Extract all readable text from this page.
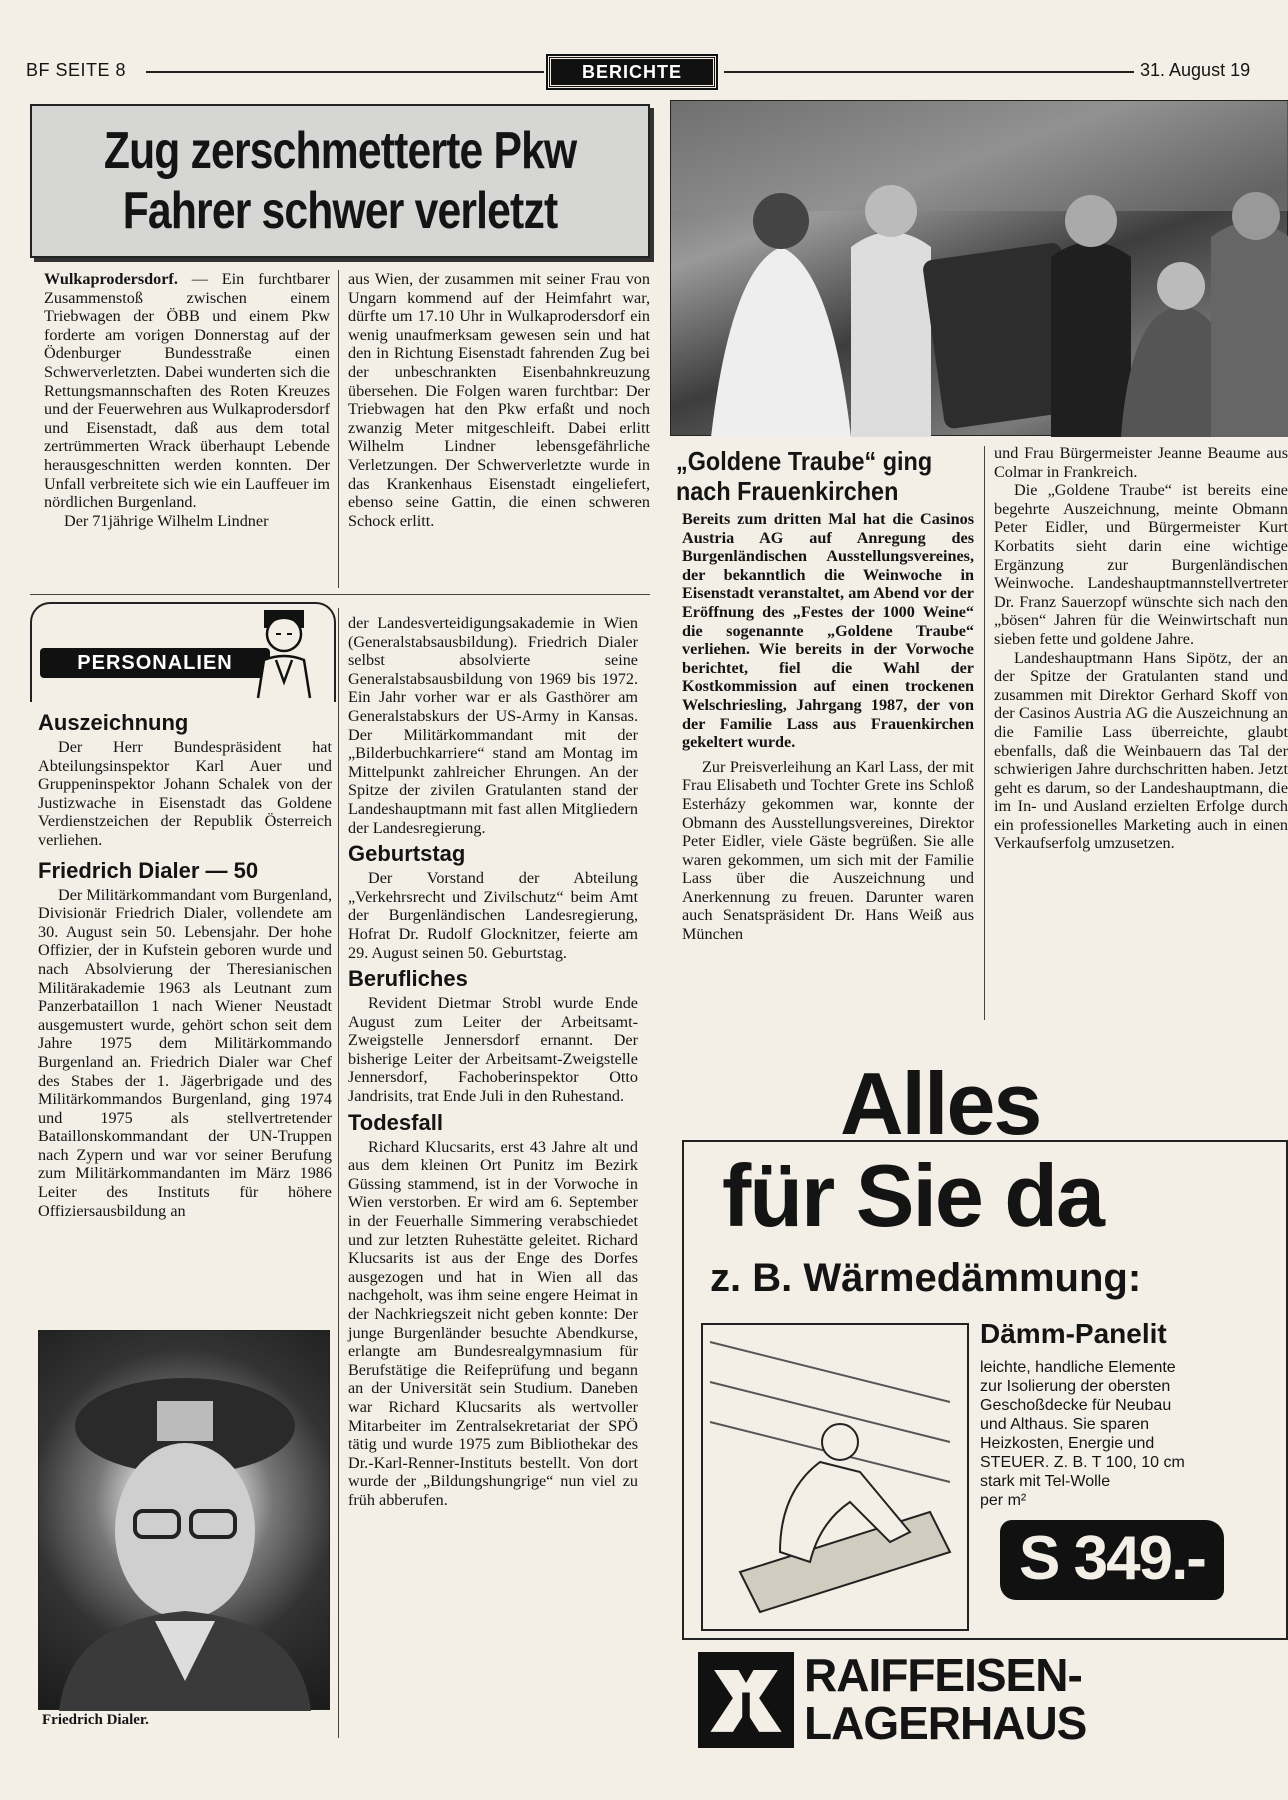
BF SEITE 8	BERICHTE	31. August 19
Zug zerschmetterte Pkw
Fahrer schwer verletzt

Wulkaprodersdorf. — Ein furchtbarer Zusammenstoß zwischen einem Triebwagen der ÖBB und einem Pkw forderte am vorigen Donnerstag auf der Ödenburger Bundesstraße einen Schwerverletzten. Dabei wunderten sich die Rettungsmannschaften des Roten Kreuzes und der Feuerwehren aus Wulkaprodersdorf und Eisenstadt, daß aus dem total zertrümmerten Wrack überhaupt Lebende herausgeschnitten werden konnten. Der Unfall verbreitete sich wie ein Lauffeuer im nördlichen Burgenland.

Der 71jährige Wilhelm Lindner

aus Wien, der zusammen mit seiner Frau von Ungarn kommend auf der Heimfahrt war, dürfte um 17.10 Uhr in Wulkaprodersdorf ein wenig unaufmerksam gewesen sein und hat den in Richtung Eisenstadt fahrenden Zug bei der unbeschrankten Eisenbahnkreuzung übersehen. Die Folgen waren furchtbar: Der Triebwagen hat den Pkw erfaßt und noch zwanzig Meter mitgeschleift. Dabei erlitt Wilhelm Lindner lebensgefährliche Verletzungen. Der Schwerverletzte wurde in das Krankenhaus Eisenstadt eingeliefert, ebenso seine Gattin, die einen schweren Schock erlitt.

PERSONALIEN
Auszeichnung

Der Herr Bundespräsident hat Abteilungsinspektor Karl Auer und Gruppeninspektor Johann Schalek von der Justizwache in Eisenstadt das Goldene Verdienstzeichen der Republik Österreich verliehen.

Friedrich Dialer — 50

Der Militärkommandant vom Burgenland, Divisionär Friedrich Dialer, vollendete am 30. August sein 50. Lebensjahr. Der hohe Offizier, der in Kufstein geboren wurde und nach Absolvierung der Theresianischen Militärakademie 1963 als Leutnant zum Panzerbataillon 1 nach Wiener Neustadt ausgemustert wurde, gehört schon seit dem Jahre 1975 dem Militärkommando Burgenland an. Friedrich Dialer war Chef des Stabes der 1. Jägerbrigade und des Militärkommandos Burgenland, ging 1974 und 1975 als stellvertretender Bataillonskommandant der UN-Truppen nach Zypern und war vor seiner Berufung zum Militärkommandanten im März 1986 Leiter des Instituts für höhere Offiziersausbildung an

Friedrich Dialer.

der Landesverteidigungsakademie in Wien (Generalstabsausbildung). Friedrich Dialer selbst absolvierte seine Generalstabsausbildung von 1969 bis 1972. Ein Jahr vorher war er als Gasthörer am Generalstabskurs der US-Army in Kansas. Der Militärkommandant mit der „Bilderbuchkarriere“ stand am Montag im Mittelpunkt zahlreicher Ehrungen. An der Spitze der zivilen Gratulanten stand der Landeshauptmann mit fast allen Mitgliedern der Landesregierung.

Geburtstag

Der Vorstand der Abteilung „Verkehrsrecht und Zivilschutz“ beim Amt der Burgenländischen Landesregierung, Hofrat Dr. Rudolf Glocknitzer, feierte am 29. August seinen 50. Geburtstag.

Berufliches

Revident Dietmar Strobl wurde Ende August zum Leiter der Arbeitsamt-Zweigstelle Jennersdorf ernannt. Der bisherige Leiter der Arbeitsamt-Zweigstelle Jennersdorf, Fachoberinspektor Otto Jandrisits, trat Ende Juli in den Ruhestand.

Todesfall

Richard Klucsarits, erst 43 Jahre alt und aus dem kleinen Ort Punitz im Bezirk Güssing stammend, ist in der Vorwoche in Wien verstorben. Er wird am 6. September in der Feuerhalle Simmering verabschiedet und zur letzten Ruhestätte geleitet. Richard Klucsarits ist aus der Enge des Dorfes ausgezogen und hat in Wien all das nachgeholt, was ihm seine engere Heimat in der Nachkriegszeit nicht geben konnte: Der junge Burgenländer besuchte Abendkurse, erlangte am Bundesrealgymnasium für Berufstätige die Reifeprüfung und begann an der Universität sein Studium. Daneben war Richard Klucsarits als wertvoller Mitarbeiter im Zentralsekretariat der SPÖ tätig und wurde 1975 zum Bibliothekar des Dr.-Karl-Renner-Instituts bestellt. Von dort wurde der „Bildungshungrige“ nun viel zu früh abberufen.

„Goldene Traube“ ging
nach Frauenkirchen

Bereits zum dritten Mal hat die Casinos Austria AG auf Anregung des Burgenländischen Ausstellungsvereines, der bekanntlich die Weinwoche in Eisenstadt veranstaltet, am Abend vor der Eröffnung des „Festes der 1000 Weine“ die sogenannte „Goldene Traube“ verliehen. Wie bereits in der Vorwoche berichtet, fiel die Wahl der Kostkommission auf einen trockenen Welschriesling, Jahrgang 1987, der von der Familie Lass aus Frauenkirchen gekeltert wurde.

Zur Preisverleihung an Karl Lass, der mit Frau Elisabeth und Tochter Grete ins Schloß Esterházy gekommen war, konnte der Obmann des Ausstellungsvereines, Direktor Peter Eidler, viele Gäste begrüßen. Sie alle waren gekommen, um sich mit der Familie Lass über die Auszeichnung und Anerkennung zu freuen. Darunter waren auch Senatspräsident Dr. Hans Weiß aus München

und Frau Bürgermeister Jeanne Beaume aus Colmar in Frankreich.

Die „Goldene Traube“ ist bereits eine begehrte Auszeichnung, meinte Obmann Peter Eidler, und Bürgermeister Kurt Korbatits sieht darin eine wichtige Ergänzung zur Burgenländischen Weinwoche. Landeshauptmannstellvertreter Dr. Franz Sauerzopf wünschte sich nach den „bösen“ Jahren für die Weinwirtschaft nun sieben fette und goldene Jahre.

Landeshauptmann Hans Sipötz, der an der Spitze der Gratulanten stand und zusammen mit Direktor Gerhard Skoff von der Casinos Austria AG die Auszeichnung an die Familie Lass überreichte, glaubt ebenfalls, daß die Weinbauern das Tal der schwierigen Jahre durchschritten haben. Jetzt geht es darum, so der Landeshauptmann, die im In- und Ausland erzielten Erfolge durch ein professionelles Marketing auch in einen Verkaufserfolg umzusetzen.

Alles
für Sie da
z. B. Wärmedämmung:
Dämm-Panelit
leichte, handliche Elemente
zur Isolierung der obersten
Geschoßdecke für Neubau
und Althaus. Sie sparen
Heizkosten, Energie und
STEUER. Z. B. T 100, 10 cm
stark mit Tel-Wolle
per m²
S 349.-
RAIFFEISEN-
LAGERHAUS
